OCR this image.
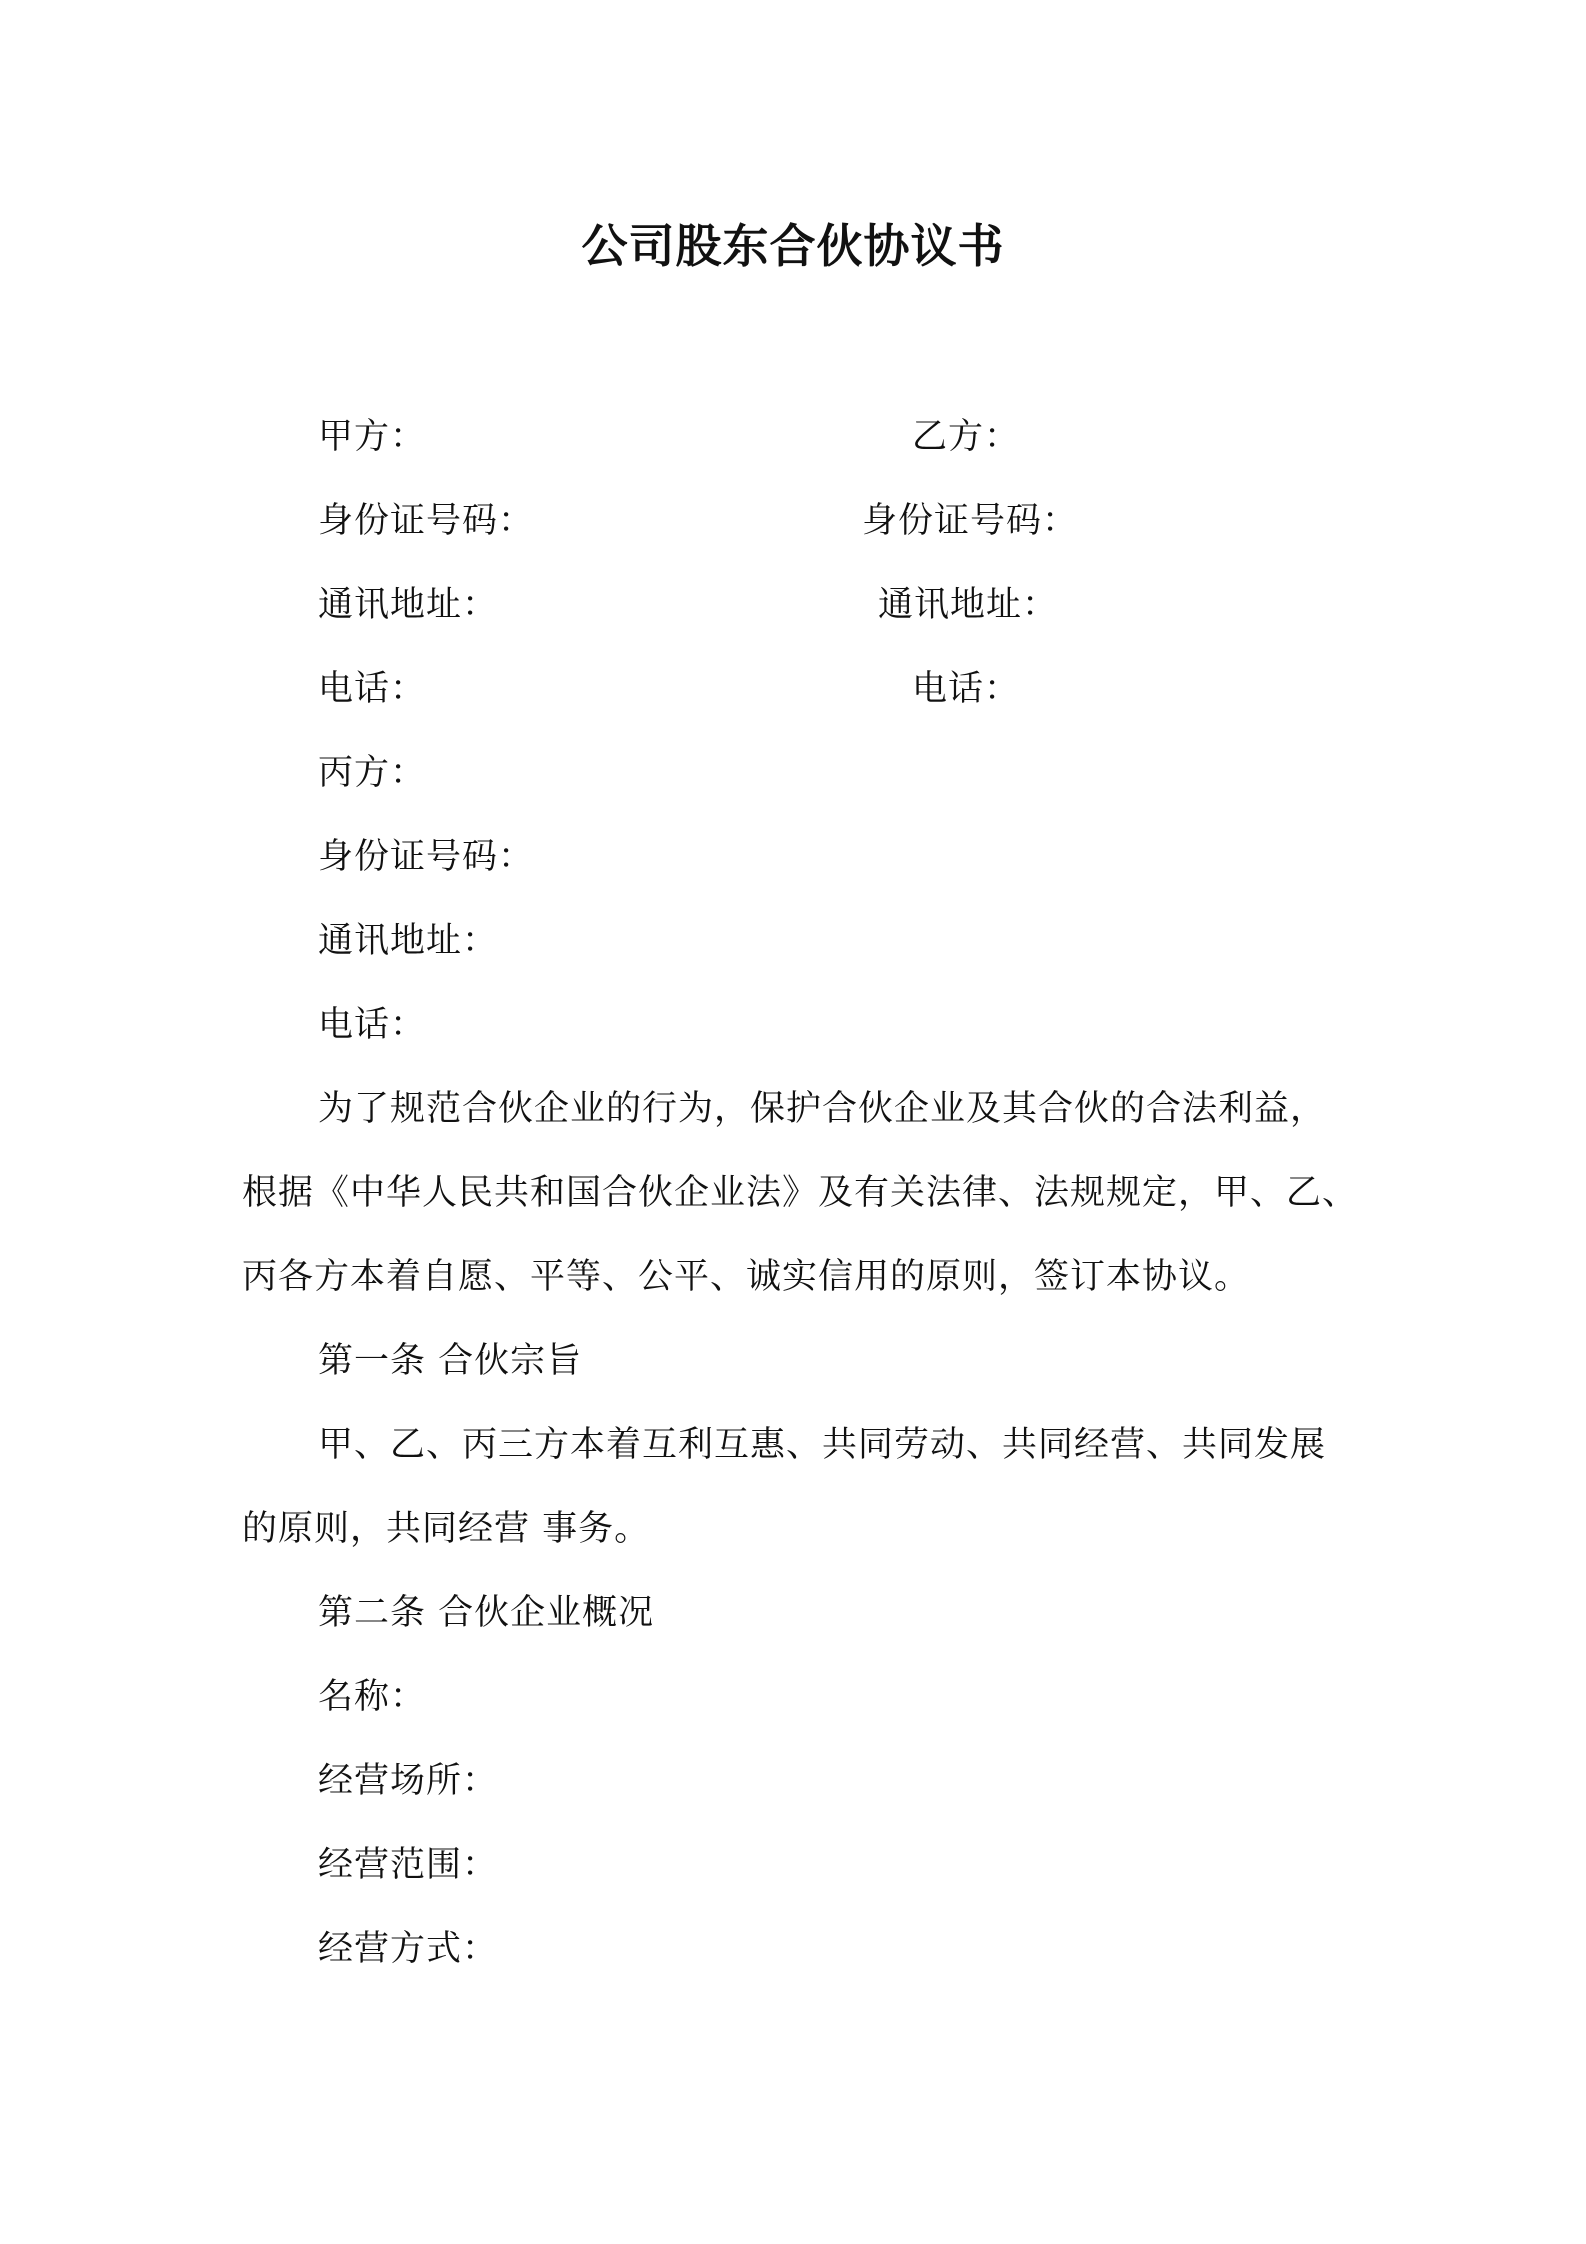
公司股东合伙协议书
甲方：	乙方：
身份证号码：	身份证号码：
通讯地址：	通讯地址：
电话：	电话：
丙方：
身份证号码：
通讯地址：
电话：
为了规范合伙企业的行为，保护合伙企业及其合伙的合法利益，
根据《中华人民共和国合伙企业法》及有关法律、法规规定，甲、乙、
丙各方本着自愿、平等、公平、诚实信用的原则，签订本协议。
第一条 合伙宗旨
甲、乙、丙三方本着互利互惠、共同劳动、共同经营、共同发展
的原则，共同经营 事务。
第二条 合伙企业概况
名称：
经营场所：
经营范围：
经营方式：
